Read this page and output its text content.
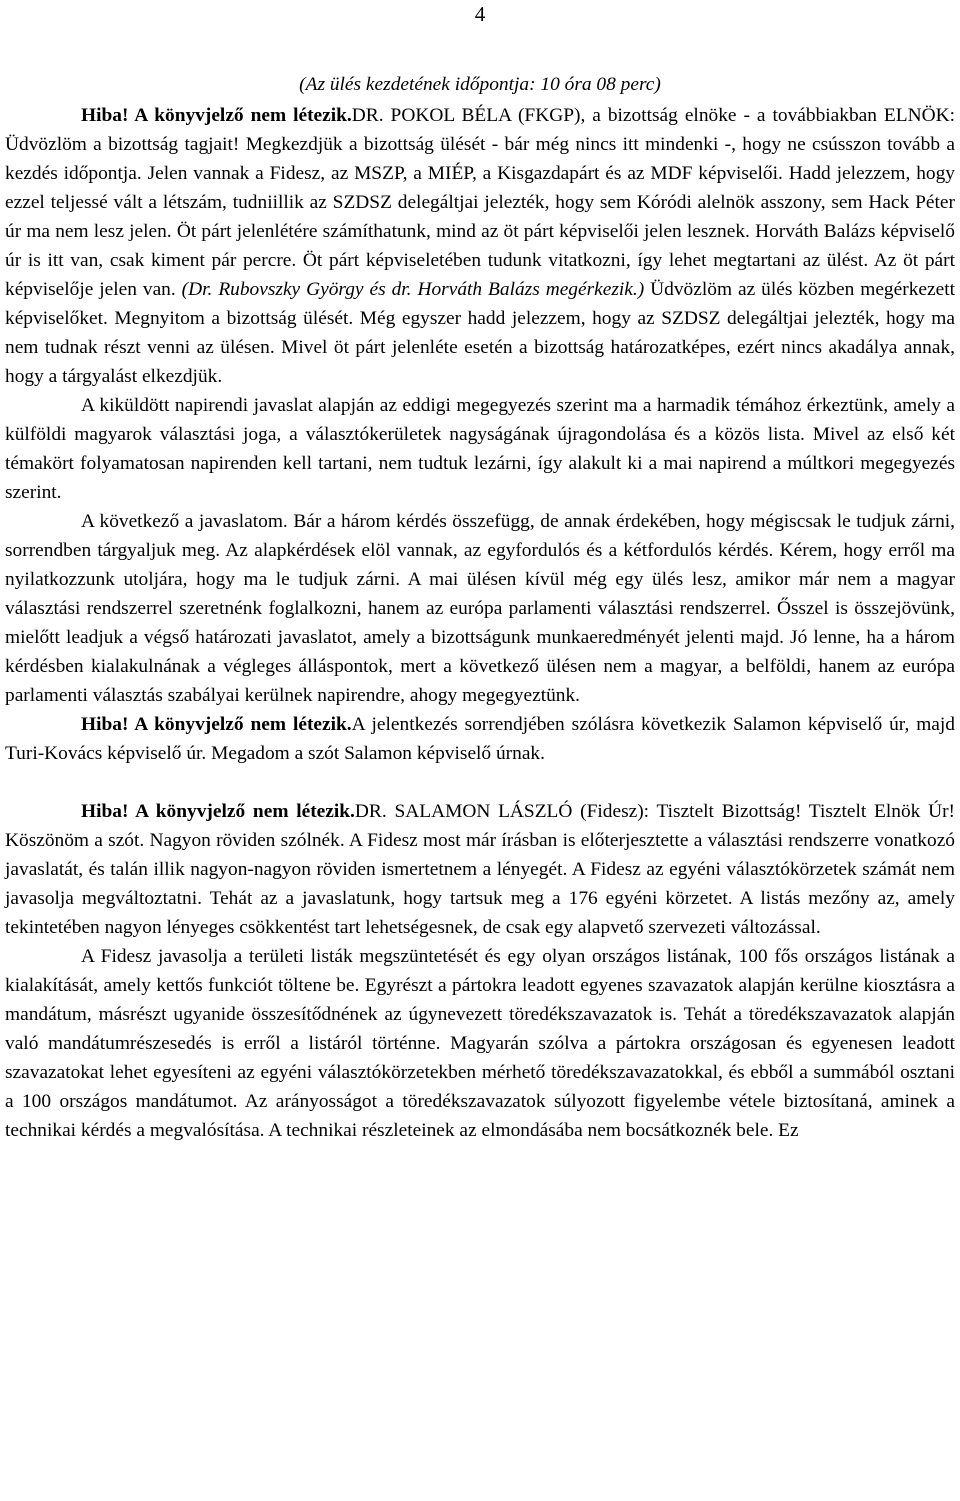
4
(Az ülés kezdetének időpontja: 10 óra 08 perc)

Hiba! A könyvjelző nem létezik.DR. POKOL BÉLA (FKGP), a bizottság elnöke - a továbbiakban ELNÖK: Üdvözlöm a bizottság tagjait! Megkezdjük a bizottság ülését - bár még nincs itt mindenki -, hogy ne csússzon tovább a kezdés időpontja. Jelen vannak a Fidesz, az MSZP, a MIÉP, a Kisgazdapárt és az MDF képviselői. Hadd jelezzem, hogy ezzel teljessé vált a létszám, tudniillik az SZDSZ delegáltjai jelezték, hogy sem Kóródi alelnök asszony, sem Hack Péter úr ma nem lesz jelen. Öt párt jelenlétére számíthatunk, mind az öt párt képviselői jelen lesznek. Horváth Balázs képviselő úr is itt van, csak kiment pár percre. Öt párt képviseletében tudunk vitatkozni, így lehet megtartani az ülést. Az öt párt képviselője jelen van. (Dr. Rubovszky György és dr. Horváth Balázs megérkezik.) Üdvözlöm az ülés közben megérkezett képviselőket. Megnyitom a bizottság ülését. Még egyszer hadd jelezzem, hogy az SZDSZ delegáltjai jelezték, hogy ma nem tudnak részt venni az ülésen. Mivel öt párt jelenléte esetén a bizottság határozatképes, ezért nincs akadálya annak, hogy a tárgyalást elkezdjük.

A kiküldött napirendi javaslat alapján az eddigi megegyezés szerint ma a harmadik témához érkeztünk, amely a külföldi magyarok választási joga, a választókerületek nagyságának újragondolása és a közös lista. Mivel az első két témakört folyamatosan napirenden kell tartani, nem tudtuk lezárni, így alakult ki a mai napirend a múltkori megegyezés szerint.

A következő a javaslatom. Bár a három kérdés összefügg, de annak érdekében, hogy mégiscsak le tudjuk zárni, sorrendben tárgyaljuk meg. Az alapkérdések elöl vannak, az egyfordulós és a kétfordulós kérdés. Kérem, hogy erről ma nyilatkozzunk utoljára, hogy ma le tudjuk zárni. A mai ülésen kívül még egy ülés lesz, amikor már nem a magyar választási rendszerrel szeretnénk foglalkozni, hanem az európa parlamenti választási rendszerrel. Ősszel is összejövünk, mielőtt leadjuk a végső határozati javaslatot, amely a bizottságunk munkaeredményét jelenti majd. Jó lenne, ha a három kérdésben kialakulnának a végleges álláspontok, mert a következő ülésen nem a magyar, a belföldi, hanem az európa parlamenti választás szabályai kerülnek napirendre, ahogy megegyeztünk.

Hiba! A könyvjelző nem létezik.A jelentkezés sorrendjében szólásra következik Salamon képviselő úr, majd Turi-Kovács képviselő úr. Megadom a szót Salamon képviselő úrnak.

Hiba! A könyvjelző nem létezik.DR. SALAMON LÁSZLÓ (Fidesz): Tisztelt Bizottság! Tisztelt Elnök Úr! Köszönöm a szót. Nagyon röviden szólnék. A Fidesz most már írásban is előterjesztette a választási rendszerre vonatkozó javaslatát, és talán illik nagyon-nagyon röviden ismertetnem a lényegét. A Fidesz az egyéni választókörzetek számát nem javasolja megváltoztatni. Tehát az a javaslatunk, hogy tartsuk meg a 176 egyéni körzetet. A listás mezőny az, amely tekintetében nagyon lényeges csökkentést tart lehetségesnek, de csak egy alapvető szervezeti változással.

A Fidesz javasolja a területi listák megszüntetését és egy olyan országos listának, 100 fős országos listának a kialakítását, amely kettős funkciót töltene be. Egyrészt a pártokra leadott egyenes szavazatok alapján kerülne kiosztásra a mandátum, másrészt ugyanide összesítődnének az úgynevezett töredékszavazatok is. Tehát a töredékszavazatok alapján való mandátumrészesedés is erről a listáról történne. Magyarán szólva a pártokra országosan és egyenesen leadott szavazatokat lehet egyesíteni az egyéni választókörzetekben mérhető töredékszavazatokkal, és ebből a summából osztani a 100 országos mandátumot. Az arányosságot a töredékszavazatok súlyozott figyelembe vétele biztosítaná, aminek a technikai kérdés a megvalósítása. A technikai részleteinek az elmondásába nem bocsátkoznék bele. Ez
